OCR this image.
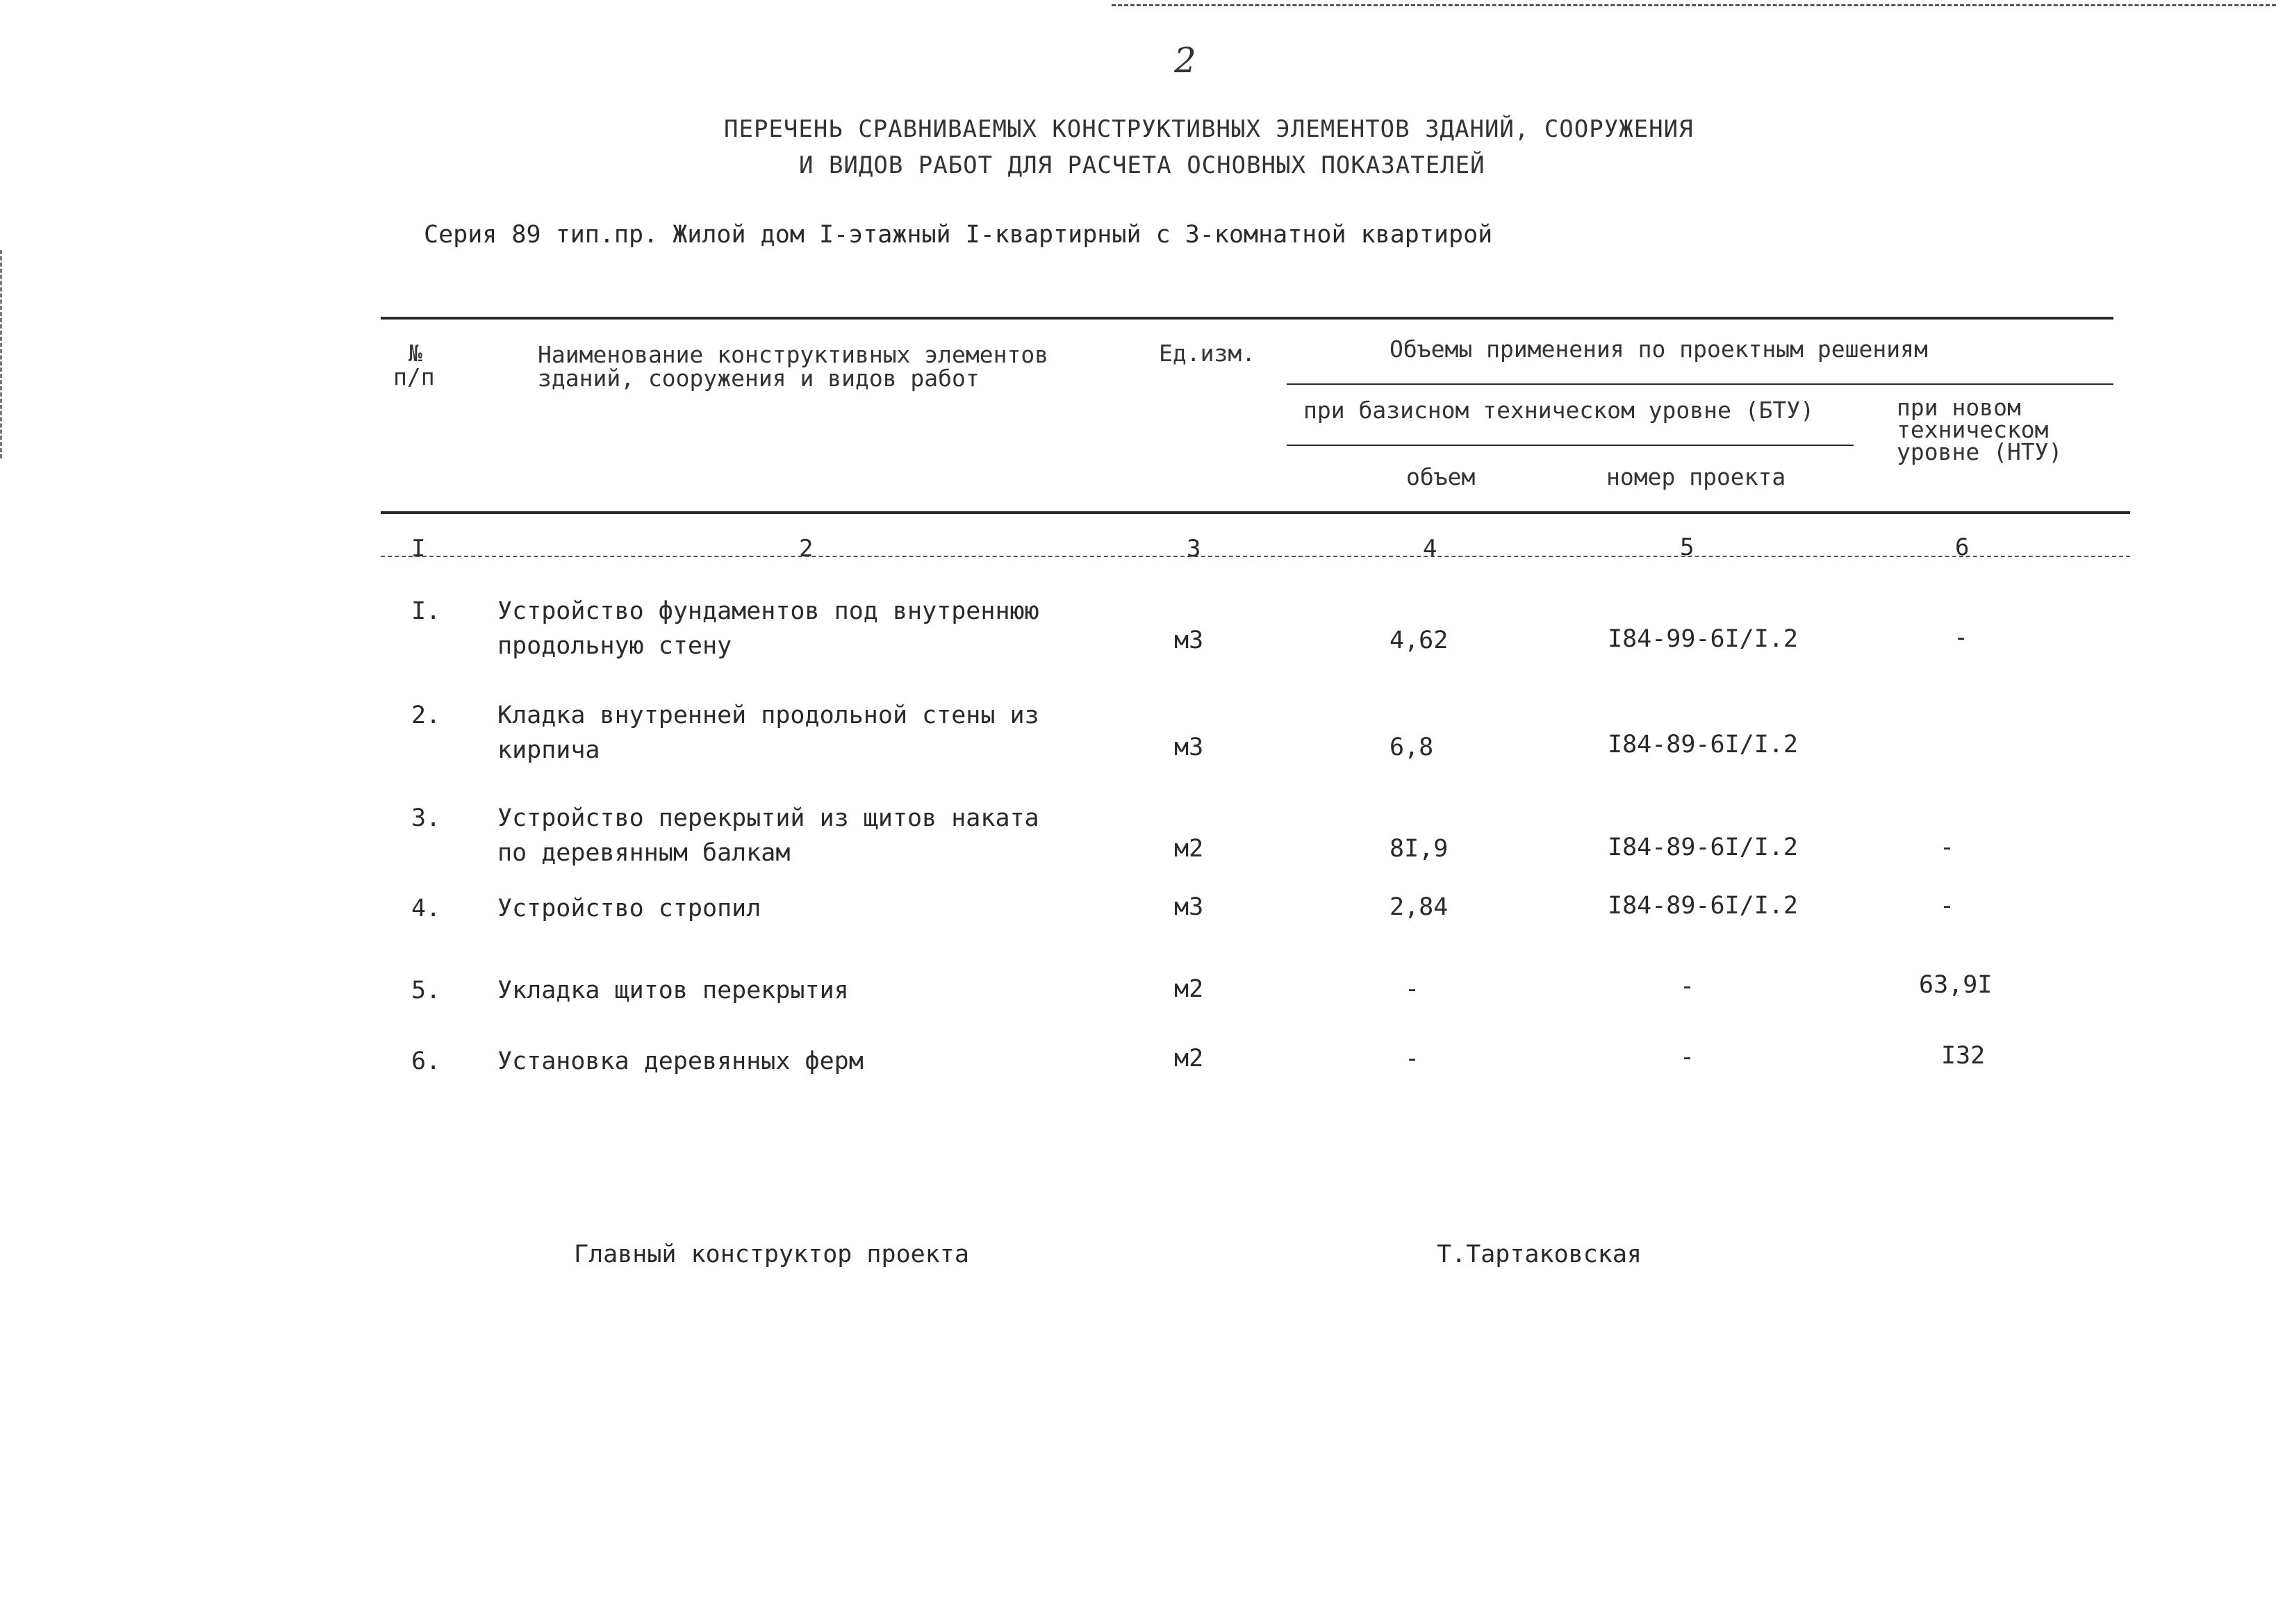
2
ПЕРЕЧЕНЬ СРАВНИВАЕМЫХ КОНСТРУКТИВНЫХ ЭЛЕМЕНТОВ ЗДАНИЙ, СООРУЖЕНИЯ
И ВИДОВ РАБОТ ДЛЯ РАСЧЕТА ОСНОВНЫХ ПОКАЗАТЕЛЕЙ
Серия 89 тип.пр. Жилой дом I-этажный I-квартирный с 3-комнатной квартирой
№
п/п
Наименование конструктивных элементов
зданий, сооружения и видов работ
Ед.изм.	Объемы применения по проектным решениям
при базисном техническом уровне (БТУ)	при новом
техническом
уровне (НТУ)
объем	номер проекта
I	2	3	4	5	6
I. Устройство фундаментов под внутреннюю
продольную стену	м3	4,62	I84-99-6I/I.2	-
2. Кладка внутренней продольной стены из
кирпича	м3	6,8	I84-89-6I/I.2
3. Устройство перекрытий из щитов наката
по деревянным балкам	м2	8I,9	I84-89-6I/I.2	-
4. Устройство стропил	м3	2,84	I84-89-6I/I.2	-
5. Укладка щитов перекрытия	м2	-	-	63,9I
6. Установка деревянных ферм	м2	-	-	I32
Главный конструктор проекта	Т.Тартаковская
